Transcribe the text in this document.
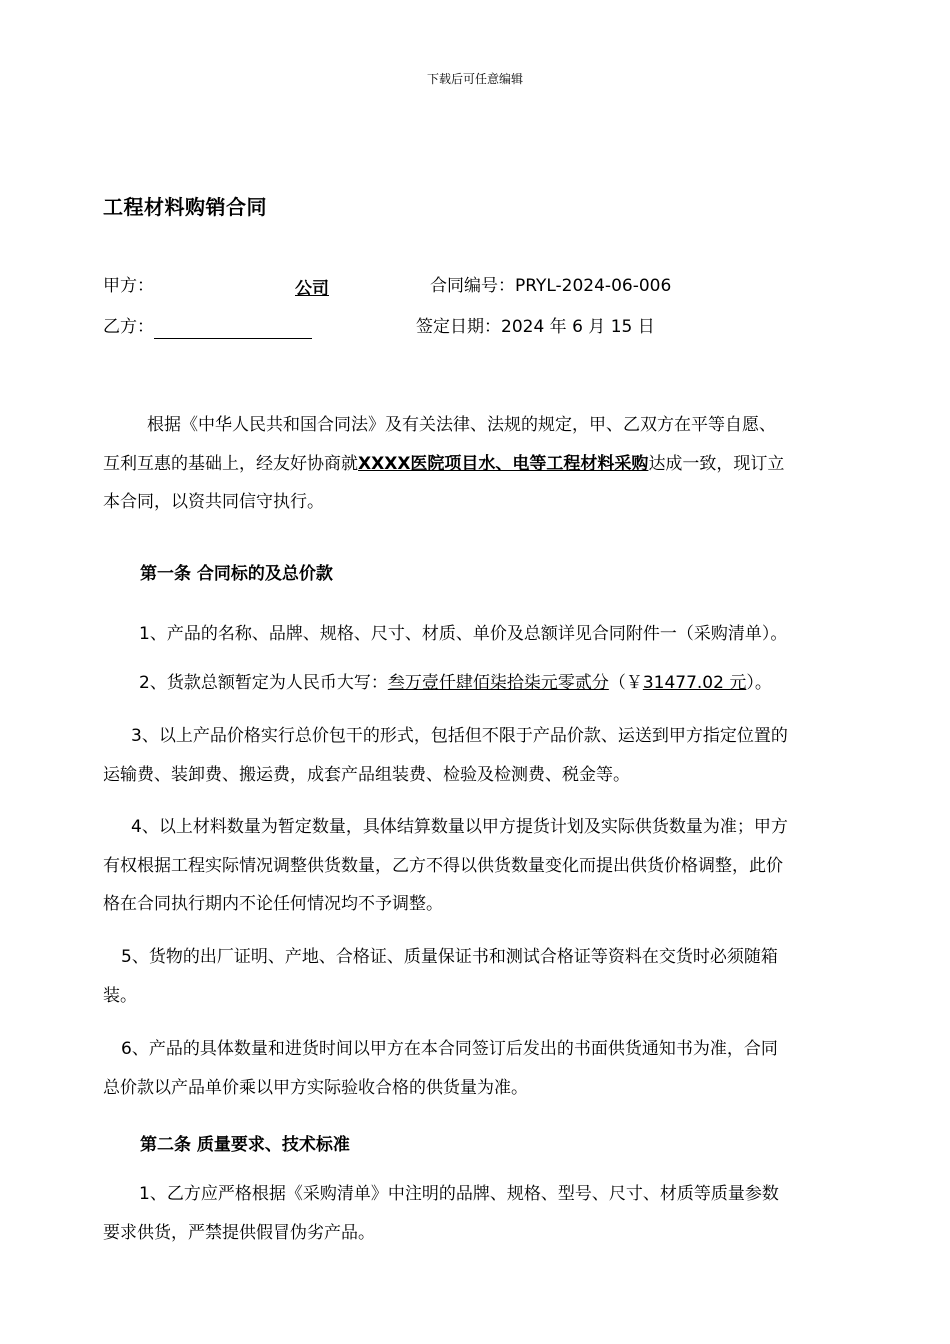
下载后可任意编辑
工程材料购销合同
甲方：	公司	合同编号：PRYL-2024-06-006
乙方：	签定日期：2024 年 6 月 15 日
根据《中华人民共和国合同法》及有关法律、法规的规定，甲、乙双方在平等自愿、
互利互惠的基础上，经友好协商就XXXX医院项目水、电等工程材料采购达成一致，现订立
本合同，以资共同信守执行。
第一条 合同标的及总价款
1、产品的名称、品牌、规格、尺寸、材质、单价及总额详见合同附件一（采购清单）。
2、货款总额暂定为人民币大写：叁万壹仟肆佰柒拾柒元零贰分（￥31477.02 元）。
3、以上产品价格实行总价包干的形式，包括但不限于产品价款、运送到甲方指定位置的
运输费、装卸费、搬运费，成套产品组装费、检验及检测费、税金等。
4、以上材料数量为暂定数量，具体结算数量以甲方提货计划及实际供货数量为准；甲方
有权根据工程实际情况调整供货数量，乙方不得以供货数量变化而提出供货价格调整，此价
格在合同执行期内不论任何情况均不予调整。
5、货物的出厂证明、产地、合格证、质量保证书和测试合格证等资料在交货时必须随箱
装。
6、产品的具体数量和进货时间以甲方在本合同签订后发出的书面供货通知书为准，合同
总价款以产品单价乘以甲方实际验收合格的供货量为准。
第二条 质量要求、技术标准
1、乙方应严格根据《采购清单》中注明的品牌、规格、型号、尺寸、材质等质量参数
要求供货，严禁提供假冒伪劣产品。
